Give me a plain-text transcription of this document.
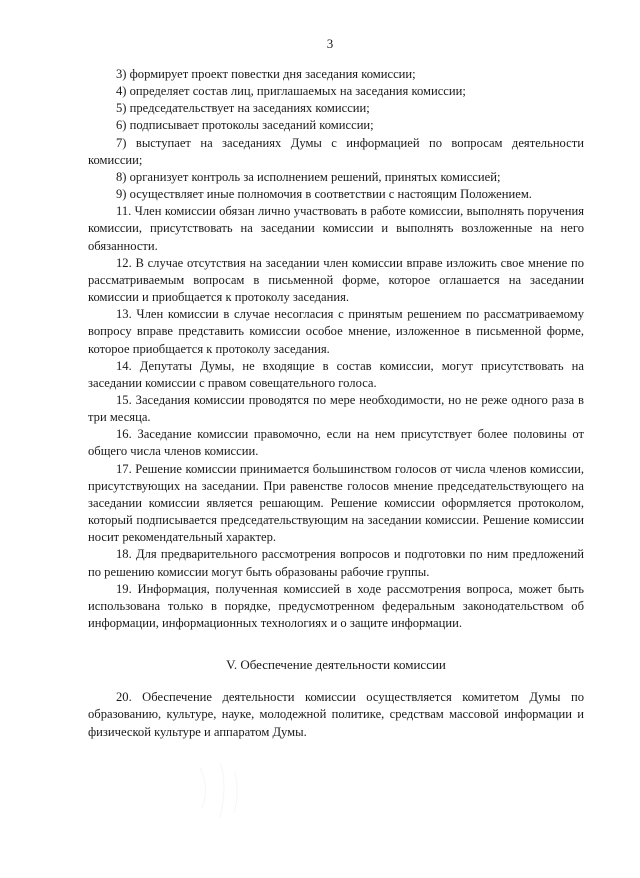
3

3) формирует проект повестки дня заседания комиссии;

4) определяет состав лиц, приглашаемых на заседания комиссии;

5) председательствует на заседаниях комиссии;

6) подписывает протоколы заседаний комиссии;

7) выступает на заседаниях Думы с информацией по вопросам деятельности комиссии;

8) организует контроль за исполнением решений, принятых комиссией;

9) осуществляет иные полномочия в соответствии с настоящим Положением.

11. Член комиссии обязан лично участвовать в работе комиссии, выполнять поручения комиссии, присутствовать на заседании комиссии и выполнять возложенные на него обязанности.

12. В случае отсутствия на заседании член комиссии вправе изложить свое мнение по рассматриваемым вопросам в письменной форме, которое оглашается на заседании комиссии и приобщается к протоколу заседания.

13. Член комиссии в случае несогласия с принятым решением по рассматриваемому вопросу вправе представить комиссии особое мнение, изложенное в письменной форме, которое приобщается к протоколу заседания.

14. Депутаты Думы, не входящие в состав комиссии, могут присутствовать на заседании комиссии с правом совещательного голоса.

15. Заседания комиссии проводятся по мере необходимости, но не реже одного раза в три месяца.

16. Заседание комиссии правомочно, если на нем присутствует более половины от общего числа членов комиссии.

17. Решение комиссии принимается большинством голосов от числа членов комиссии, присутствующих на заседании. При равенстве голосов мнение председательствующего на заседании комиссии является решающим. Решение комиссии оформляется протоколом, который подписывается председательствующим на заседании комиссии. Решение комиссии носит рекомендательный характер.

18. Для предварительного рассмотрения вопросов и подготовки по ним предложений по решению комиссии могут быть образованы рабочие группы.

19. Информация, полученная комиссией в ходе рассмотрения вопроса, может быть использована только в порядке, предусмотренном федеральным законодательством об информации, информационных технологиях и о защите информации.

V. Обеспечение деятельности комиссии

20. Обеспечение деятельности комиссии осуществляется комитетом Думы по образованию, культуре, науке, молодежной политике, средствам массовой информации и физической культуре и аппаратом Думы.
